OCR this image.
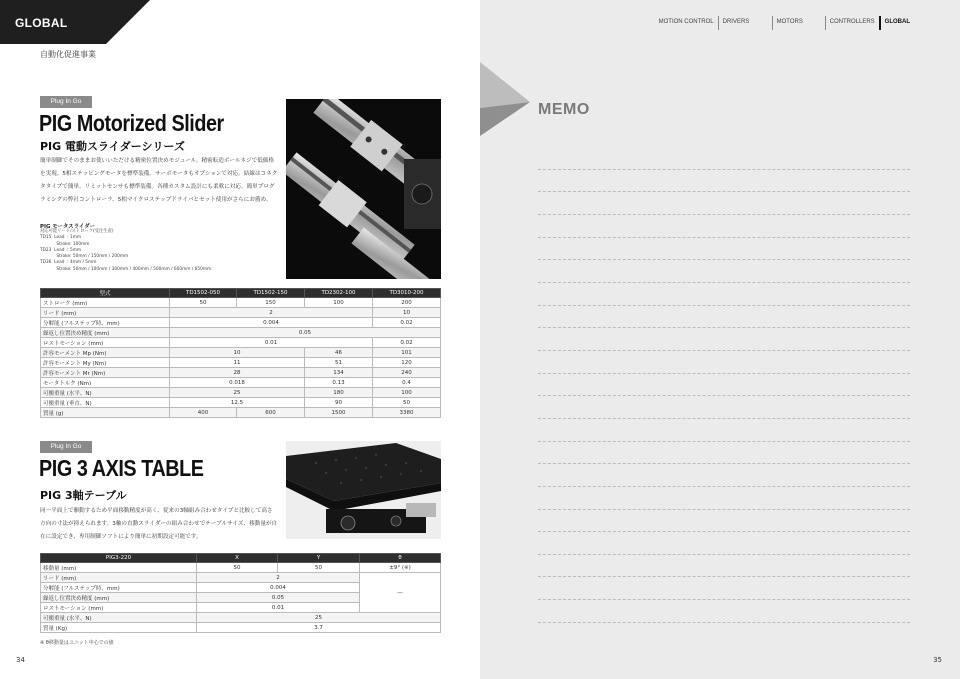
GLOBAL
自動化促進事業
Plug In Go
PIG Motorized Slider
PIG 電動スライダーシリーズ
簡単制御でそのままお使いいただける精密位置決めモジュール。精密転造ボールネジで低価格を実現。5相ステッピングモータを標準装備。サーボモータもオプションで対応。結線はコネクタタイプで簡単。リミットセンサも標準装備。各種カスタム設計にも柔軟に対応。簡単プログラミングの弊社コントローラ、5相マイクロステップドライバとセット使用がさらにお薦め。
PIG モータスライダー
対応可能リード/ストローク(受注生産)
TD15  Lead  : 1mm
Stroke: 100mm
TD23  Lead  : 5mm
Stroke: 50mm / 150mm / 200mm
TD36  Lead  : 4mm / 5mm
Stroke: 50mm / 100mm / 300mm / 400mm / 500mm / 600mm / 650mm
型式	TD1502-050	TD1502-150	TD2302-100	TD3010-200
ストローク (mm)	50	150	100	200
リード (mm)	2			10
分解能 (フルステップ時、mm)	0.004			0.02
繰返し位置決め精度 (mm)	0.05			
ロストモーション (mm)	0.01			0.02
許容モーメント Mp (Nm)	10		46	101
許容モーメント My (Nm)	11		51	120
許容モーメント Mr (Nm)	28		134	240
モータトルク (Nm)	0.018		0.13	0.4
可搬重量 (水平、N)	25		180	100
可搬重量 (垂直、N)	12.5		90	50
質量 (g)	400	600	1500	3380
Plug In Go
PIG 3 AXIS TABLE
PIG 3軸テーブル
同一平面上で駆動するため平面移動精度が高く、従来の3軸組み合わせタイプと比較して高さ方向の寸法が抑えられます。3軸の直動スライダーの組み合わせでテーブルサイズ、移動量が自在に設定でき、専用制御ソフトにより簡単に初期設定可能です。
PIG3-220	X	Y	θ
移動量 (mm)	50	50	±9° (※)
リード (mm)	2		—
分解能 (フルステップ時、mm)	0.004		
繰返し位置決め精度 (mm)	0.05		
ロストモーション (mm)	0.01		
可搬重量 (水平、N)	25		
質量 (Kg)	3.7		
※ θ移動量はユニット中心での値
34
MOTION CONTROL	DRIVERS	MOTORS	CONTROLLERS	GLOBAL
MEMO
35
